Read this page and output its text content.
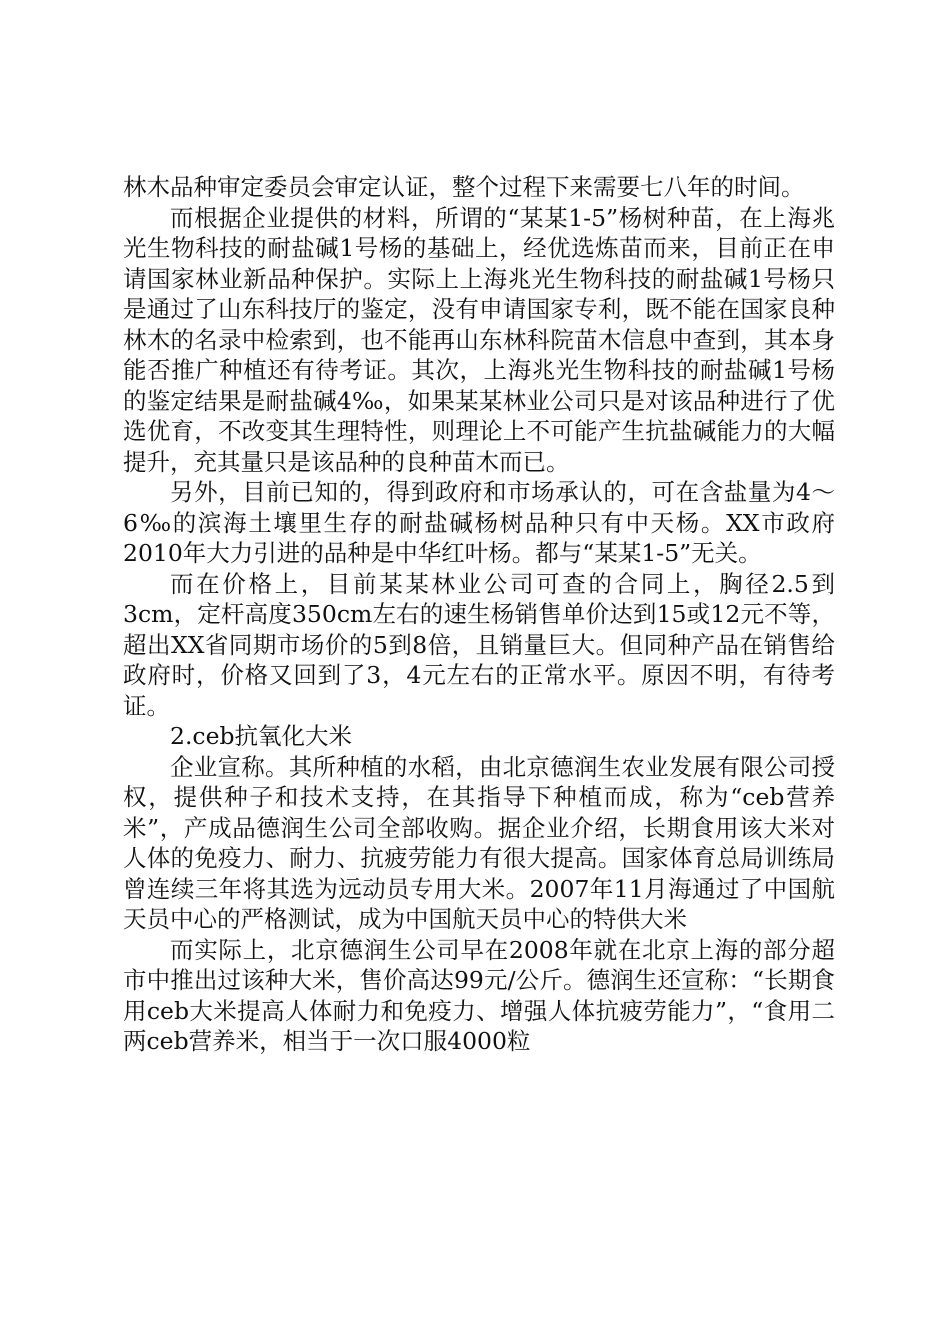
林木品种审定委员会审定认证，整个过程下来需要七八年的时间。

而根据企业提供的材料，所谓的“某某1-5”杨树种苗，在上海兆光生物科技的耐盐碱1号杨的基础上，经优选炼苗而来，目前正在申请国家林业新品种保护。实际上上海兆光生物科技的耐盐碱1号杨只是通过了山东科技厅的鉴定，没有申请国家专利，既不能在国家良种林木的名录中检索到，也不能再山东林科院苗木信息中查到，其本身能否推广种植还有待考证。其次，上海兆光生物科技的耐盐碱1号杨的鉴定结果是耐盐碱4‰，如果某某林业公司只是对该品种进行了优选优育，不改变其生理特性，则理论上不可能产生抗盐碱能力的大幅提升，充其量只是该品种的良种苗木而已。

另外，目前已知的，得到政府和市场承认的，可在含盐量为4～6‰的滨海土壤里生存的耐盐碱杨树品种只有中天杨。XX市政府2010年大力引进的品种是中华红叶杨。都与“某某1-5”无关。

而在价格上，目前某某林业公司可查的合同上，胸径2.5到3cm，定杆高度350cm左右的速生杨销售单价达到15或12元不等，超出XX省同期市场价的5到8倍，且销量巨大。但同种产品在销售给政府时，价格又回到了3，4元左右的正常水平。原因不明，有待考证。

2.ceb抗氧化大米

企业宣称。其所种植的水稻，由北京德润生农业发展有限公司授权，提供种子和技术支持，在其指导下种植而成，称为“ceb营养米”，产成品德润生公司全部收购。据企业介绍，长期食用该大米对人体的免疫力、耐力、抗疲劳能力有很大提高。国家体育总局训练局曾连续三年将其选为远动员专用大米。2007年11月海通过了中国航天员中心的严格测试，成为中国航天员中心的特供大米

而实际上，北京德润生公司早在2008年就在北京上海的部分超市中推出过该种大米，售价高达99元/公斤。德润生还宣称：“长期食用ceb大米提高人体耐力和免疫力、增强人体抗疲劳能力”，“食用二两ceb营养米，相当于一次口服4000粒
